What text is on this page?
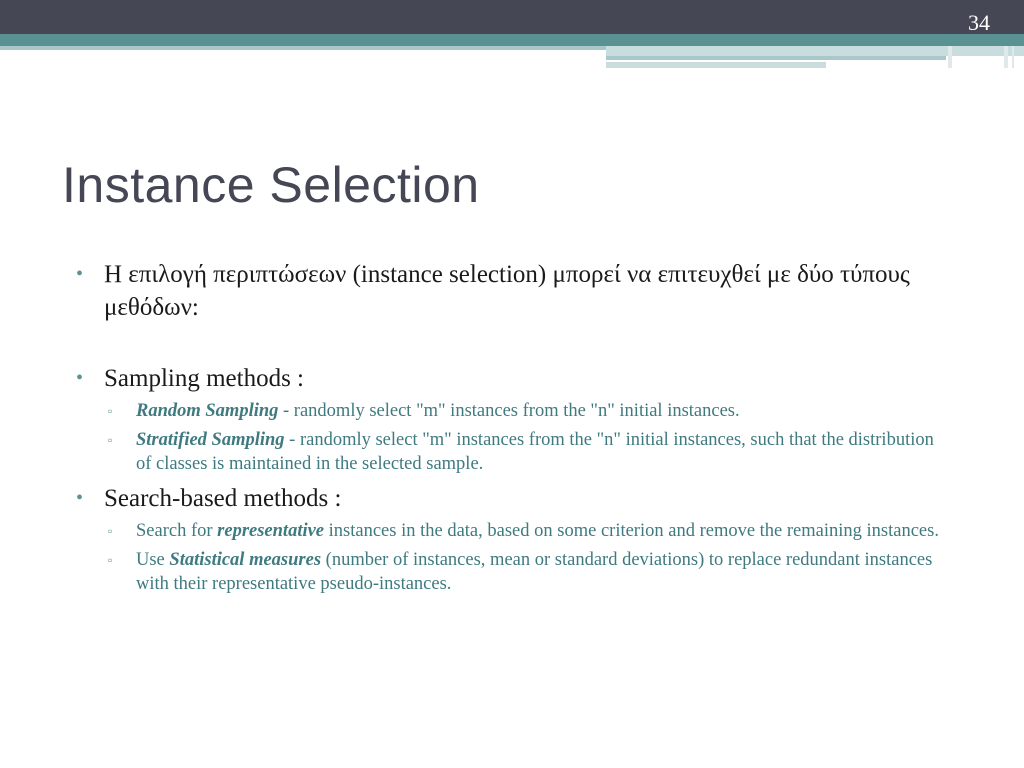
34
Instance Selection
• Η επιλογή περιπτώσεων (instance selection) μπορεί να επιτευχθεί με δύο τύπους μεθόδων:
• Sampling methods :
▫ Random Sampling - randomly select "m" instances from the "n" initial instances.
▫ Stratified Sampling - randomly select "m" instances from the "n" initial instances, such that the distribution of classes is maintained in the selected sample.
• Search-based methods :
▫ Search for representative instances in the data, based on some criterion and remove the remaining instances.
▫ Use Statistical measures (number of instances, mean or standard deviations) to replace redundant instances with their representative pseudo-instances.
